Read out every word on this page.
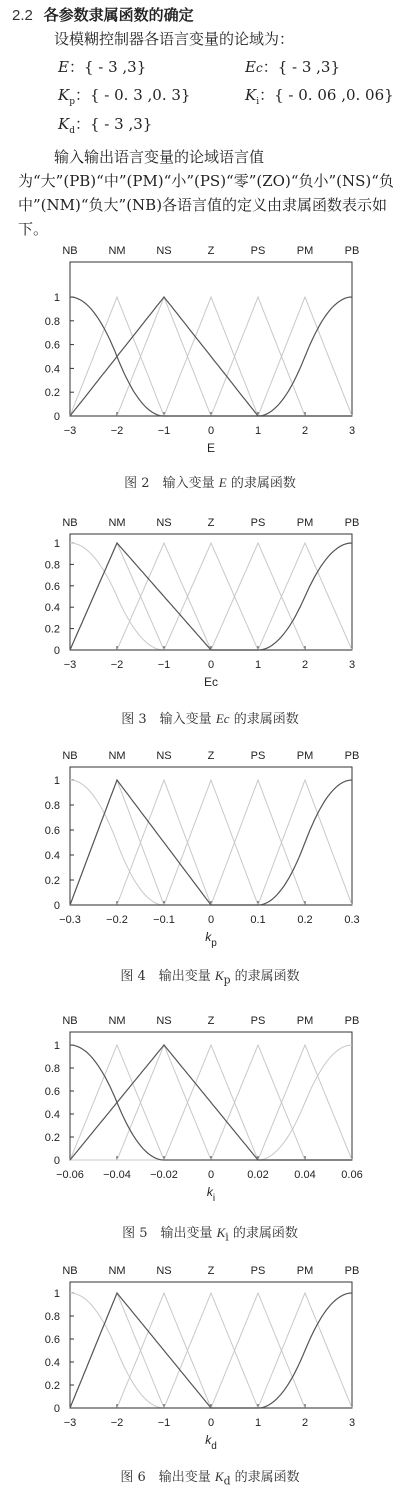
2.2 各参数隶属函数的确定
设模糊控制器各语言变量的论域为：
E：{ - 3 ,3}	Ec：{ - 3 ,3}
$K_p$：{ - 0. 3 ,0. 3}	$K_i$：{ - 0. 06 ,0. 06}
$K_d$：{ - 3 ,3}
输入输出语言变量的论域语言值为“大”(PB)“中”(PM)“小”(PS)“零”(ZO)“负小”(NS)“负中”(NM)“负大”(NB)各语言值的定义由隶属函数表示如下。
NB	NM	NS	Z	PS	PM	PB
1
0.8
0.6
0.4
0.2
0
−3	−2	−1	0	1	2	3
E
图 2　输入变量 E 的隶属函数
NB	NM	NS	Z	PS	PM	PB
1
0.8
0.6
0.4
0.2
0
−3	−2	−1	0	1	2	3
Ec
图 3　输入变量 Ec 的隶属函数
NB	NM	NS	Z	PS	PM	PB
1
0.8
0.6
0.4
0.2
0
−0.3 −0.2 −0.1	0	0.1	0.2	0.3
$k_p$
图 4　输出变量 $K_p$ 的隶属函数
NB	NM	NS	Z	PS	PM	PB
1
0.8
0.6
0.4
0.2
0
−0.06 −0.04 −0.02	0	0.02 0.04 0.06
$k_i$
图 5　输出变量 $K_i$ 的隶属函数
NB	NM	NS	Z	PS	PM	PB
1
0.8
0.6
0.4
0.2
0
−3	−2	−1	0	1	2	3
$k_d$
图 6　输出变量 $K_d$ 的隶属函数
